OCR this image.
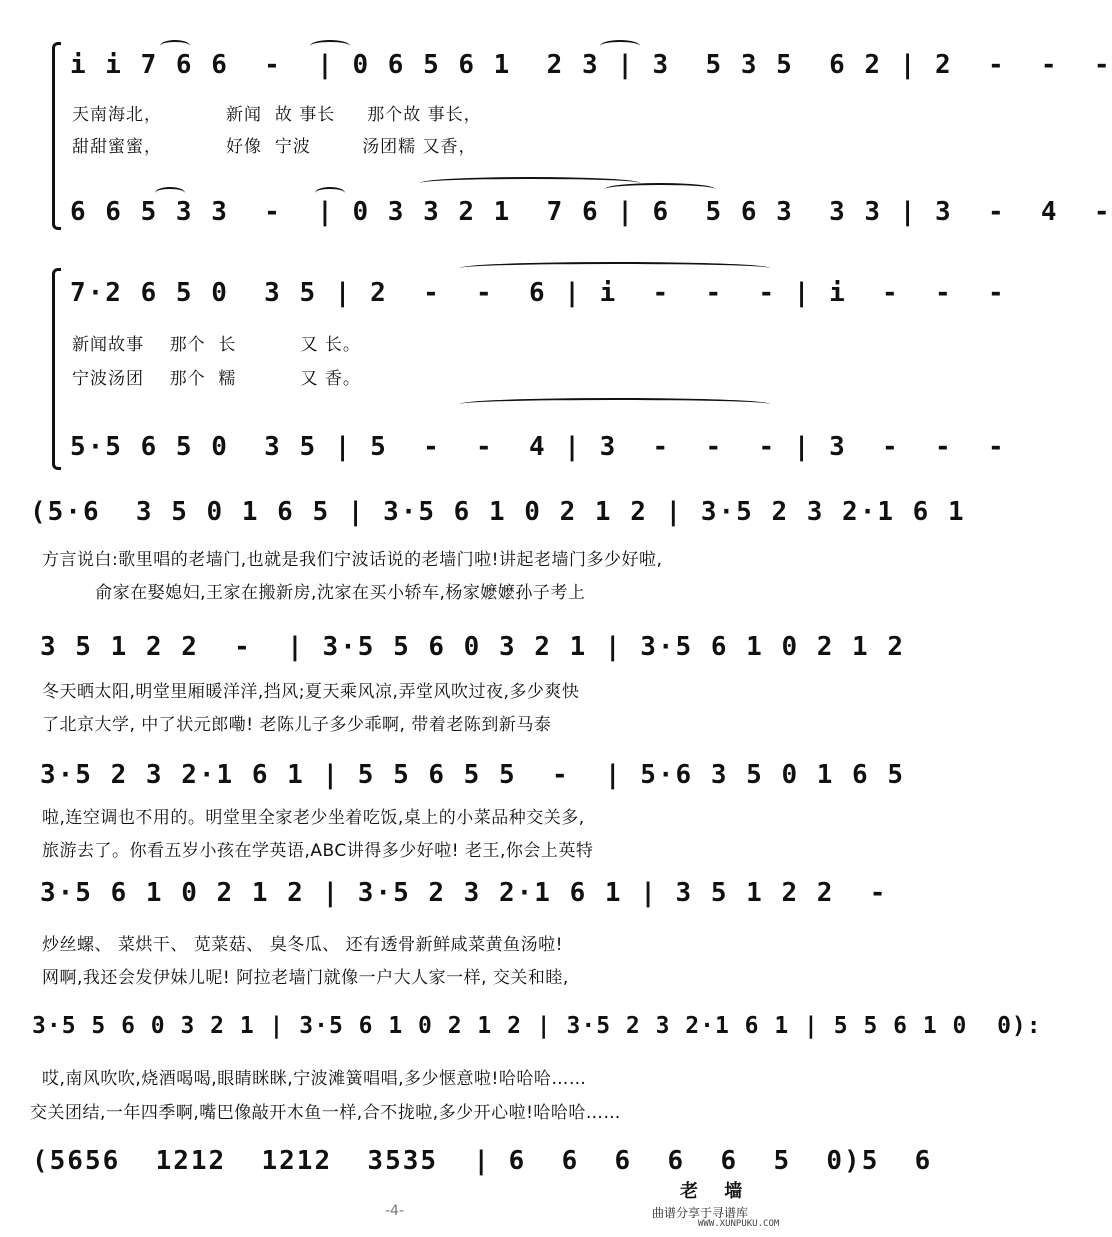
i i 7 6 6  -  | 0 6 5 6 1  2 3 | 3  5 3 5  6 2 | 2  -  -  -
天南海北，          新闻  故 事长     那个故 事长，
甜甜蜜蜜，          好像  宁波        汤团糯 又香，
6 6 5 3 3  -  | 0 3 3 2 1  7 6 | 6  5 6 3  3 3 | 3  -  4  -
7·2 6 5 0  3 5 | 2  -  -  6 | i  -  -  - | i  -  -  -
新闻故事    那个  长          又 长。
宁波汤团    那个  糯          又 香。
5·5 6 5 0  3 5 | 5  -  -  4 | 3  -  -  - | 3  -  -  -
(5·6  3 5 0 1 6 5 | 3·5 6 1 0 2 1 2 | 3·5 2 3 2·1 6 1
方言说白:歌里唱的老墙门,也就是我们宁波话说的老墙门啦!讲起老墙门多少好啦,
俞家在娶媳妇,王家在搬新房,沈家在买小轿车,杨家嬷嬷孙子考上
3 5 1 2 2  -  | 3·5 5 6 0 3 2 1 | 3·5 6 1 0 2 1 2
冬天晒太阳,明堂里厢暖洋洋,挡风;夏天乘风凉,弄堂风吹过夜,多少爽快
了北京大学, 中了状元郎嘞! 老陈儿子多少乖啊, 带着老陈到新马泰
3·5 2 3 2·1 6 1 | 5 5 6 5 5  -  | 5·6 3 5 0 1 6 5
啦,连空调也不用的。明堂里全家老少坐着吃饭,桌上的小菜品种交关多,
旅游去了。你看五岁小孩在学英语,ABC讲得多少好啦! 老王,你会上英特
3·5 6 1 0 2 1 2 | 3·5 2 3 2·1 6 1 | 3 5 1 2 2  -
炒丝螺、 菜烘干、 苋菜菇、 臭冬瓜、 还有透骨新鲜咸菜黄鱼汤啦!
网啊,我还会发伊妹儿呢! 阿拉老墙门就像一户大人家一样, 交关和睦,
3·5 5 6 0 3 2 1 | 3·5 6 1 0 2 1 2 | 3·5 2 3 2·1 6 1 | 5 5 6 1 0  0):
哎,南风吹吹,烧酒喝喝,眼睛眯眯,宁波滩簧唱唱,多少惬意啦!哈哈哈……
交关团结,一年四季啊,嘴巴像敲开木鱼一样,合不拢啦,多少开心啦!哈哈哈……
(5656  1212  1212  3535  | 6  6  6  6  6  5  0)5  6
老 墙
-4-	曲谱分享于寻谱库
WWW.XUNPUKU.COM
